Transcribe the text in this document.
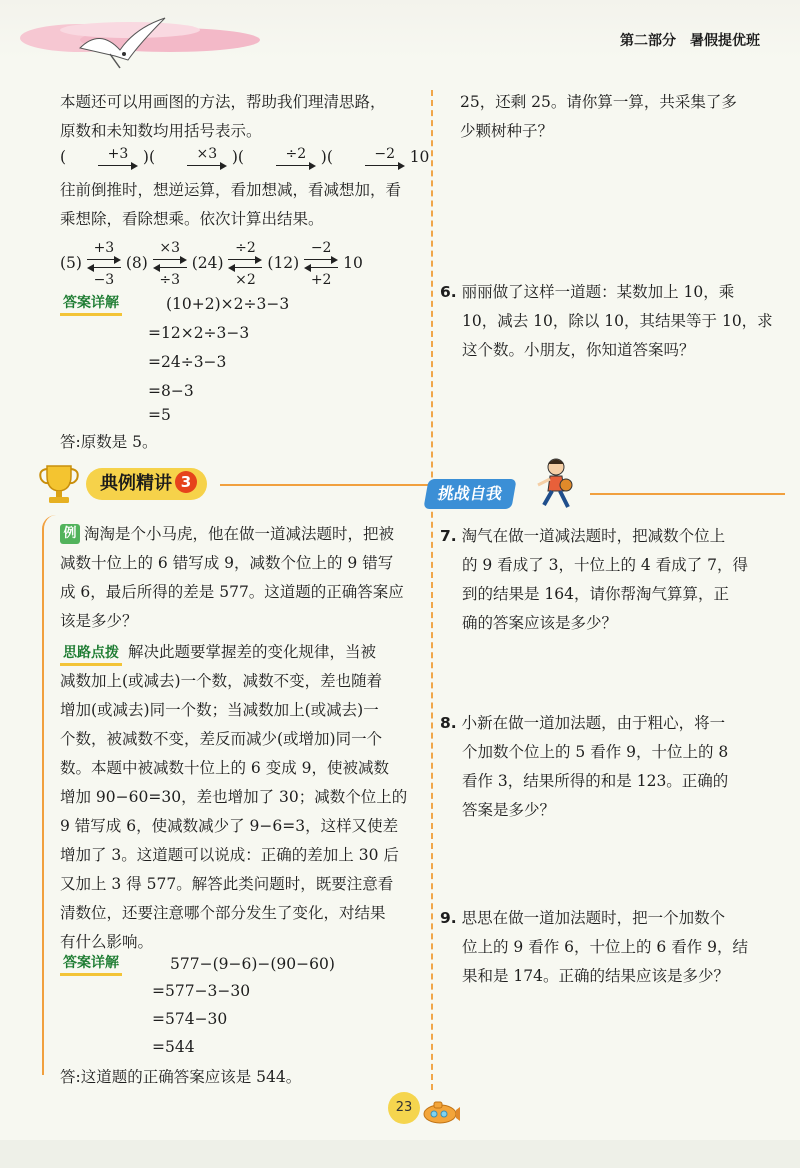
第二部分 暑假提优班
本题还可以用画图的方法，帮助我们理清思路，
原数和未知数均用括号表示。
(	+3 )(	×3 )(	÷2 )(	−2 10
往前倒推时，想逆运算，看加想减，看减想加，看
乘想除，看除想乘。依次计算出结果。
(5)
+3
−3
(8)
×3
÷3
(24)
÷2
×2
(12)
−2
+2
10
答案详解	(10+2)×2÷3−3
=12×2÷3−3
=24÷3−3
=8−3
=5
答:原数是 5。
25，还剩 25。请你算一算，共采集了多
少颗树种子？
6. 丽丽做了这样一道题：某数加上 10，乘
10，减去 10，除以 10，其结果等于 10，求
这个数。小朋友，你知道答案吗？
典例精讲 3
挑战自我
例 淘淘是个小马虎，他在做一道减法题时，把被
减数十位上的 6 错写成 9，减数个位上的 9 错写
成 6，最后所得的差是 577。这道题的正确答案应
该是多少？
思路点拨 解决此题要掌握差的变化规律，当被
减数加上(或减去)一个数，减数不变，差也随着
增加(或减去)同一个数；当减数加上(或减去)一
个数，被减数不变，差反而减少(或增加)同一个
数。本题中被减数十位上的 6 变成 9，使被减数
增加 90−60=30，差也增加了 30；减数个位上的
9 错写成 6，使减数减少了 9−6=3，这样又使差
增加了 3。这道题可以说成：正确的差加上 30 后
又加上 3 得 577。解答此类问题时，既要注意看
清数位，还要注意哪个部分发生了变化，对结果
有什么影响。
答案详解	577−(9−6)−(90−60)
=577−3−30
=574−30
=544
答:这道题的正确答案应该是 544。
7. 淘气在做一道减法题时，把减数个位上
的 9 看成了 3，十位上的 4 看成了 7，得
到的结果是 164，请你帮淘气算算，正
确的答案应该是多少？
8. 小新在做一道加法题，由于粗心，将一
个加数个位上的 5 看作 9，十位上的 8
看作 3，结果所得的和是 123。正确的
答案是多少？
9. 思思在做一道加法题时，把一个加数个
位上的 9 看作 6，十位上的 6 看作 9，结
果和是 174。正确的结果应该是多少？
23
